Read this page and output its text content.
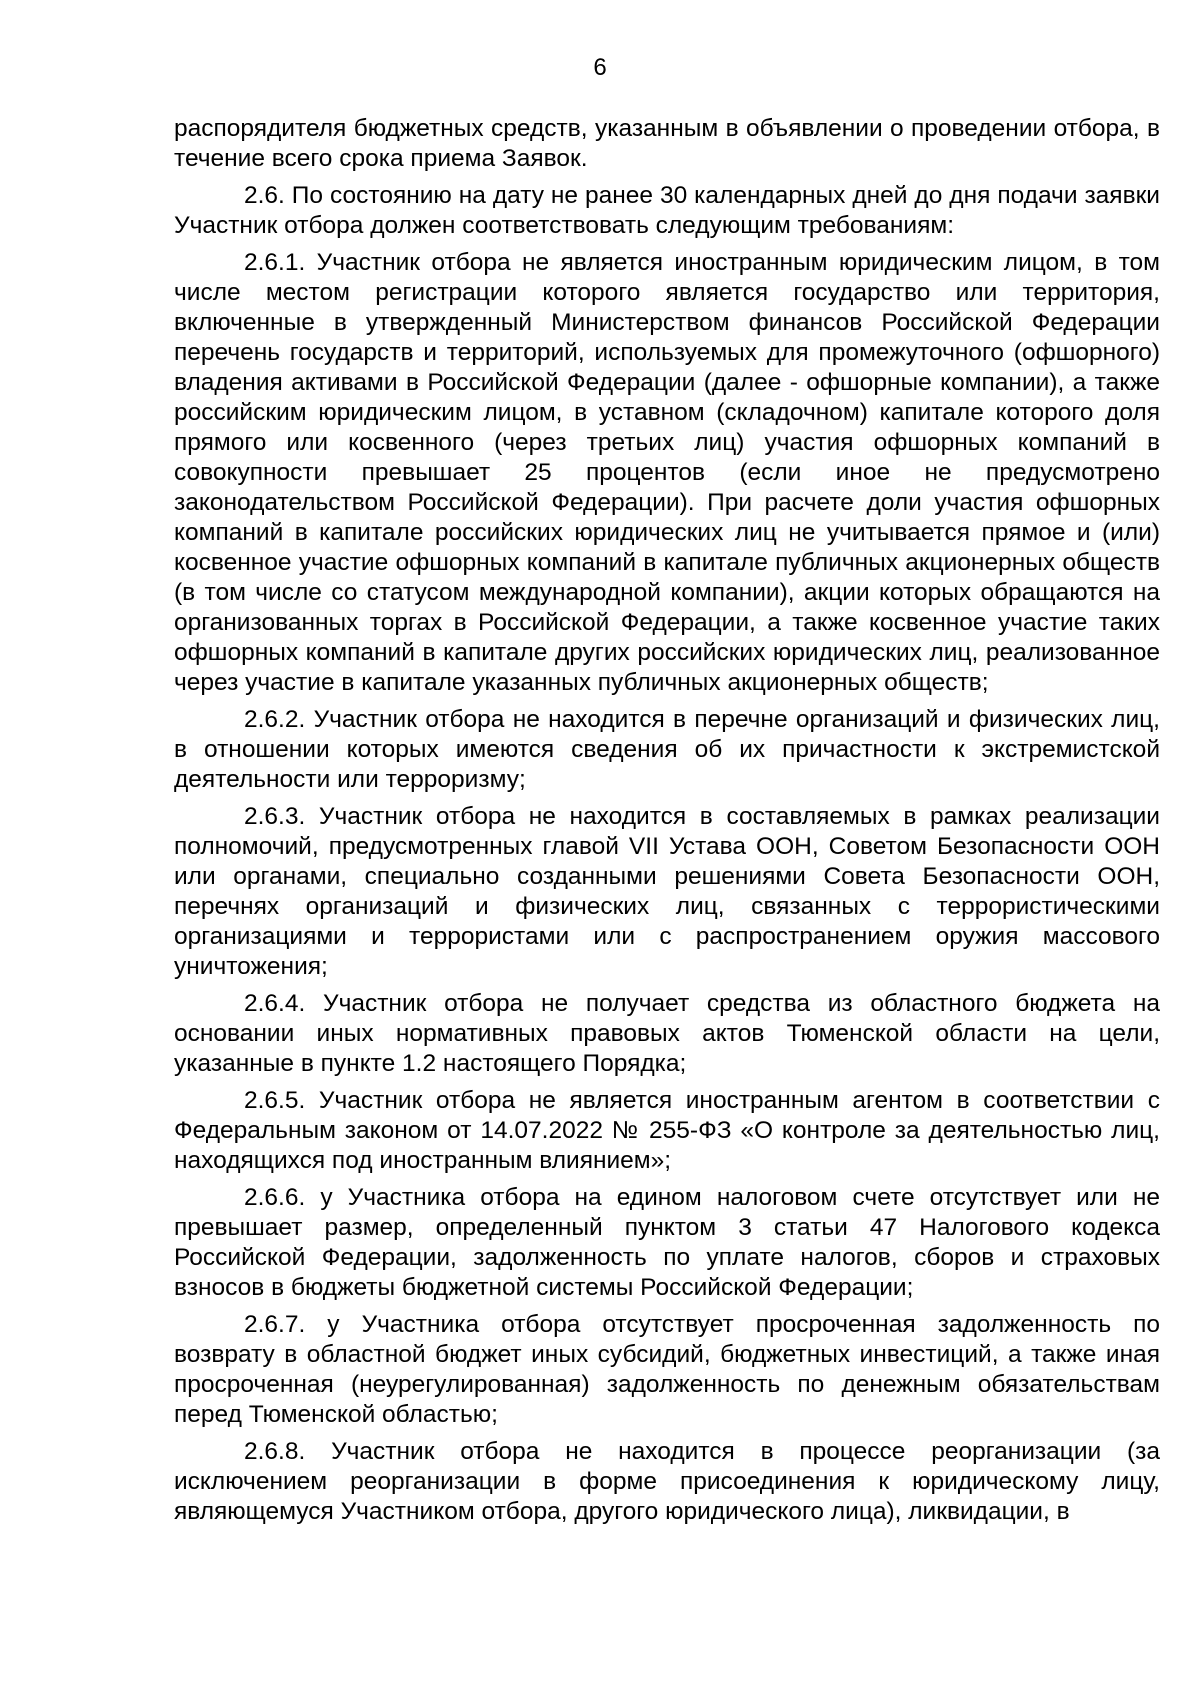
6

распорядителя бюджетных средств, указанным в объявлении о проведении отбора, в течение всего срока приема Заявок.

2.6. По состоянию на дату не ранее 30 календарных дней до дня подачи заявки Участник отбора должен соответствовать следующим требованиям:

2.6.1. Участник отбора не является иностранным юридическим лицом, в том числе местом регистрации которого является государство или территория, включенные в утвержденный Министерством финансов Российской Федерации перечень государств и территорий, используемых для промежуточного (офшорного) владения активами в Российской Федерации (далее - офшорные компании), а также российским юридическим лицом, в уставном (складочном) капитале которого доля прямого или косвенного (через третьих лиц) участия офшорных компаний в совокупности превышает 25 процентов (если иное не предусмотрено законодательством Российской Федерации). При расчете доли участия офшорных компаний в капитале российских юридических лиц не учитывается прямое и (или) косвенное участие офшорных компаний в капитале публичных акционерных обществ (в том числе со статусом международной компании), акции которых обращаются на организованных торгах в Российской Федерации, а также косвенное участие таких офшорных компаний в капитале других российских юридических лиц, реализованное через участие в капитале указанных публичных акционерных обществ;

2.6.2. Участник отбора не находится в перечне организаций и физических лиц, в отношении которых имеются сведения об их причастности к экстремистской деятельности или терроризму;

2.6.3. Участник отбора не находится в составляемых в рамках реализации полномочий, предусмотренных главой VII Устава ООН, Советом Безопасности ООН или органами, специально созданными решениями Совета Безопасности ООН, перечнях организаций и физических лиц, связанных с террористическими организациями и террористами или с распространением оружия массового уничтожения;

2.6.4. Участник отбора не получает средства из областного бюджета на основании иных нормативных правовых актов Тюменской области на цели, указанные в пункте 1.2 настоящего Порядка;

2.6.5. Участник отбора не является иностранным агентом в соответствии с Федеральным законом от 14.07.2022 № 255-ФЗ «О контроле за деятельностью лиц, находящихся под иностранным влиянием»;

2.6.6. у Участника отбора на едином налоговом счете отсутствует или не превышает размер, определенный пунктом 3 статьи 47 Налогового кодекса Российской Федерации, задолженность по уплате налогов, сборов и страховых взносов в бюджеты бюджетной системы Российской Федерации;

2.6.7. у Участника отбора отсутствует просроченная задолженность по возврату в областной бюджет иных субсидий, бюджетных инвестиций, а также иная просроченная (неурегулированная) задолженность по денежным обязательствам перед Тюменской областью;

2.6.8. Участник отбора не находится в процессе реорганизации (за исключением реорганизации в форме присоединения к юридическому лицу, являющемуся Участником отбора, другого юридического лица), ликвидации, в
